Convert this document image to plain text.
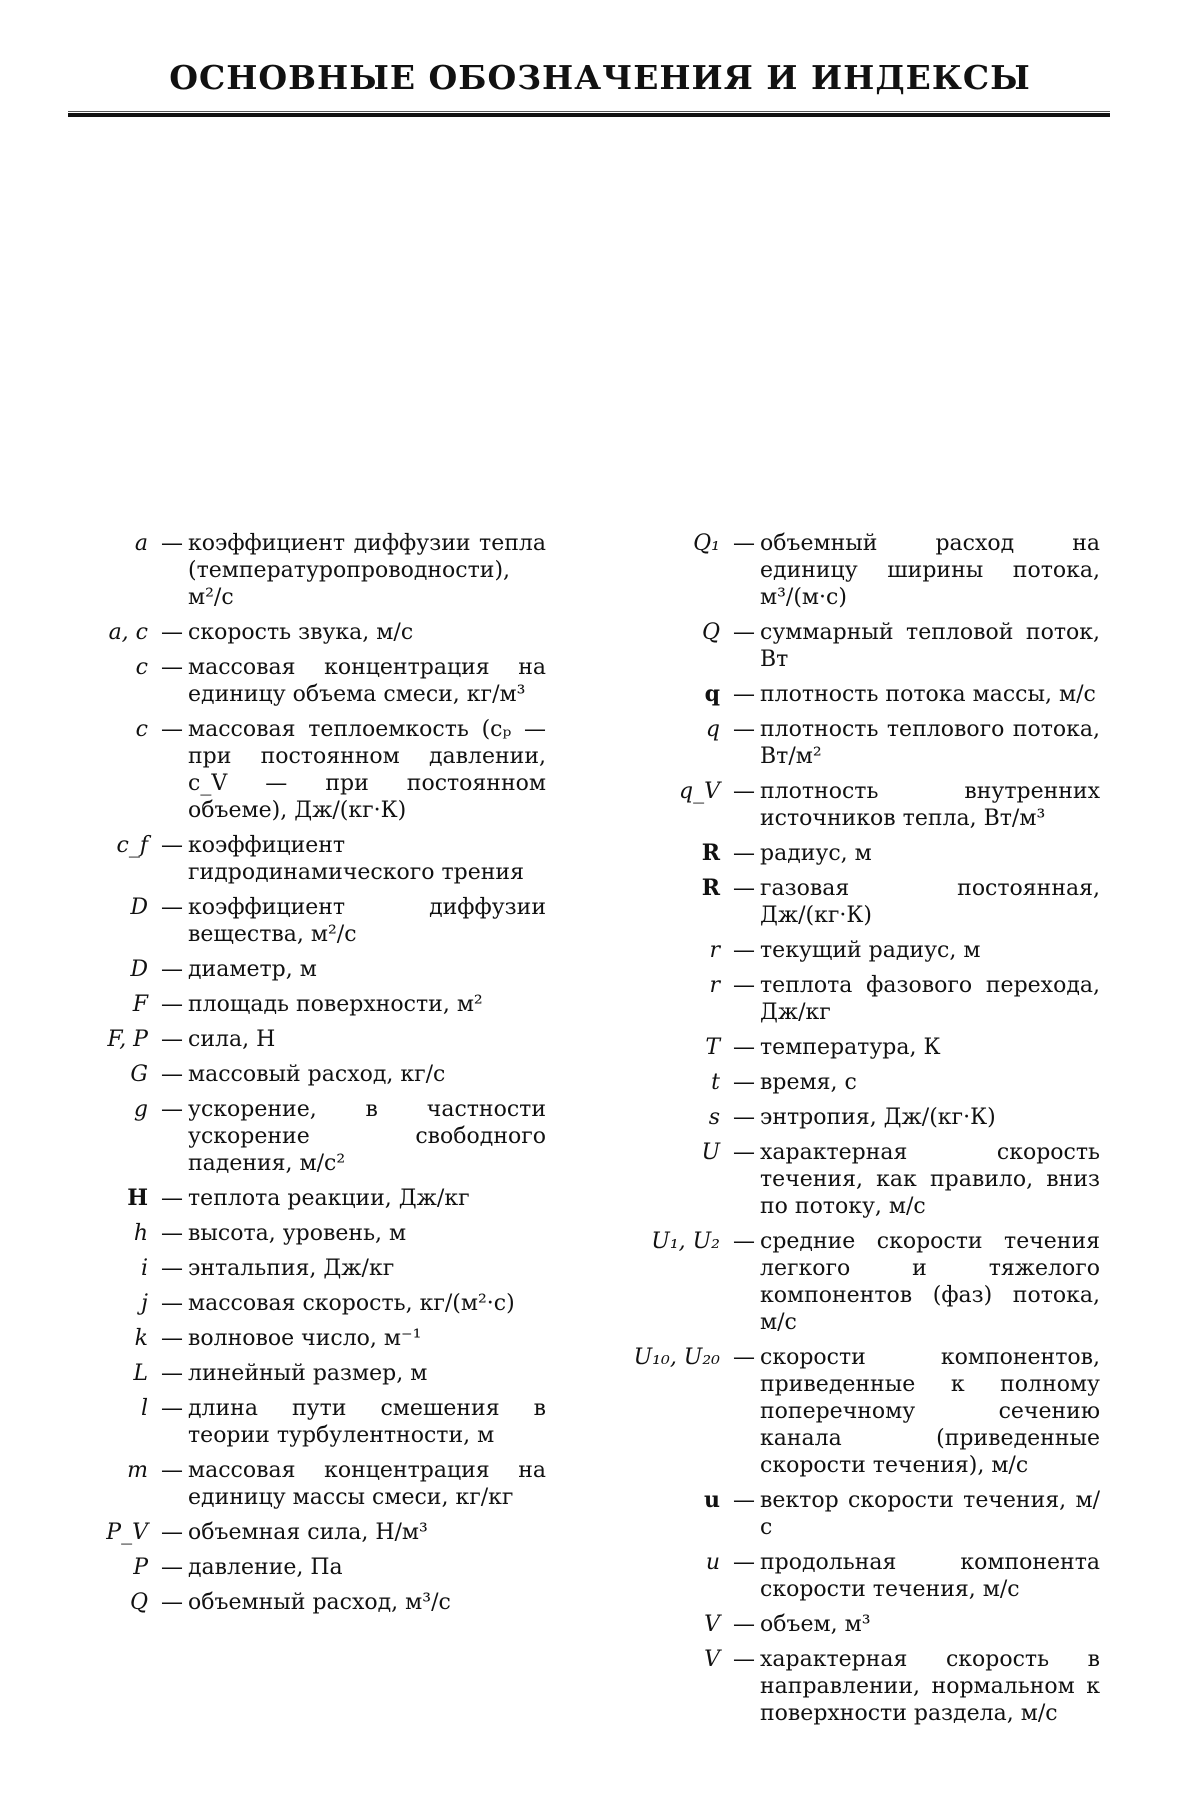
ОСНОВНЫЕ ОБОЗНАЧЕНИЯ И ИНДЕКСЫ
a — коэффициент диффузии тепла (температуропроводности), м²/с
a, c — скорость звука, м/с
c — массовая концентрация на единицу объема смеси, кг/м³
c — массовая теплоемкость (cₚ — при постоянном давлении, c_V — при постоянном объеме), Дж/(кг·К)
c_f — коэффициент гидродинамического трения
D — коэффициент диффузии вещества, м²/с
D — диаметр, м
F — площадь поверхности, м²
F, P — сила, Н
G — массовый расход, кг/с
g — ускорение, в частности ускорение свободного падения, м/с²
H — теплота реакции, Дж/кг
h — высота, уровень, м
i — энтальпия, Дж/кг
j — массовая скорость, кг/(м²·с)
k — волновое число, м⁻¹
L — линейный размер, м
l — длина пути смешения в теории турбулентности, м
m — массовая концентрация на единицу массы смеси, кг/кг
P_V — объемная сила, Н/м³
P — давление, Па
Q — объемный расход, м³/с
Q₁ — объемный расход на единицу ширины потока, м³/(м·с)
Q — суммарный тепловой поток, Вт
q — плотность потока массы, м/с
q — плотность теплового потока, Вт/м²
q_V — плотность внутренних источников тепла, Вт/м³
R — радиус, м
R — газовая постоянная, Дж/(кг·К)
r — текущий радиус, м
r — теплота фазового перехода, Дж/кг
T — температура, К
t — время, с
s — энтропия, Дж/(кг·К)
U — характерная скорость течения, как правило, вниз по потоку, м/с
U₁, U₂ — средние скорости течения легкого и тяжелого компонентов (фаз) потока, м/с
U₁₀, U₂₀ — скорости компонентов, приведенные к полному поперечному сечению канала (приведенные скорости течения), м/с
u — вектор скорости течения, м/с
u — продольная компонента скорости течения, м/с
V — объем, м³
V — характерная скорость в направлении, нормальном к поверхности раздела, м/с
